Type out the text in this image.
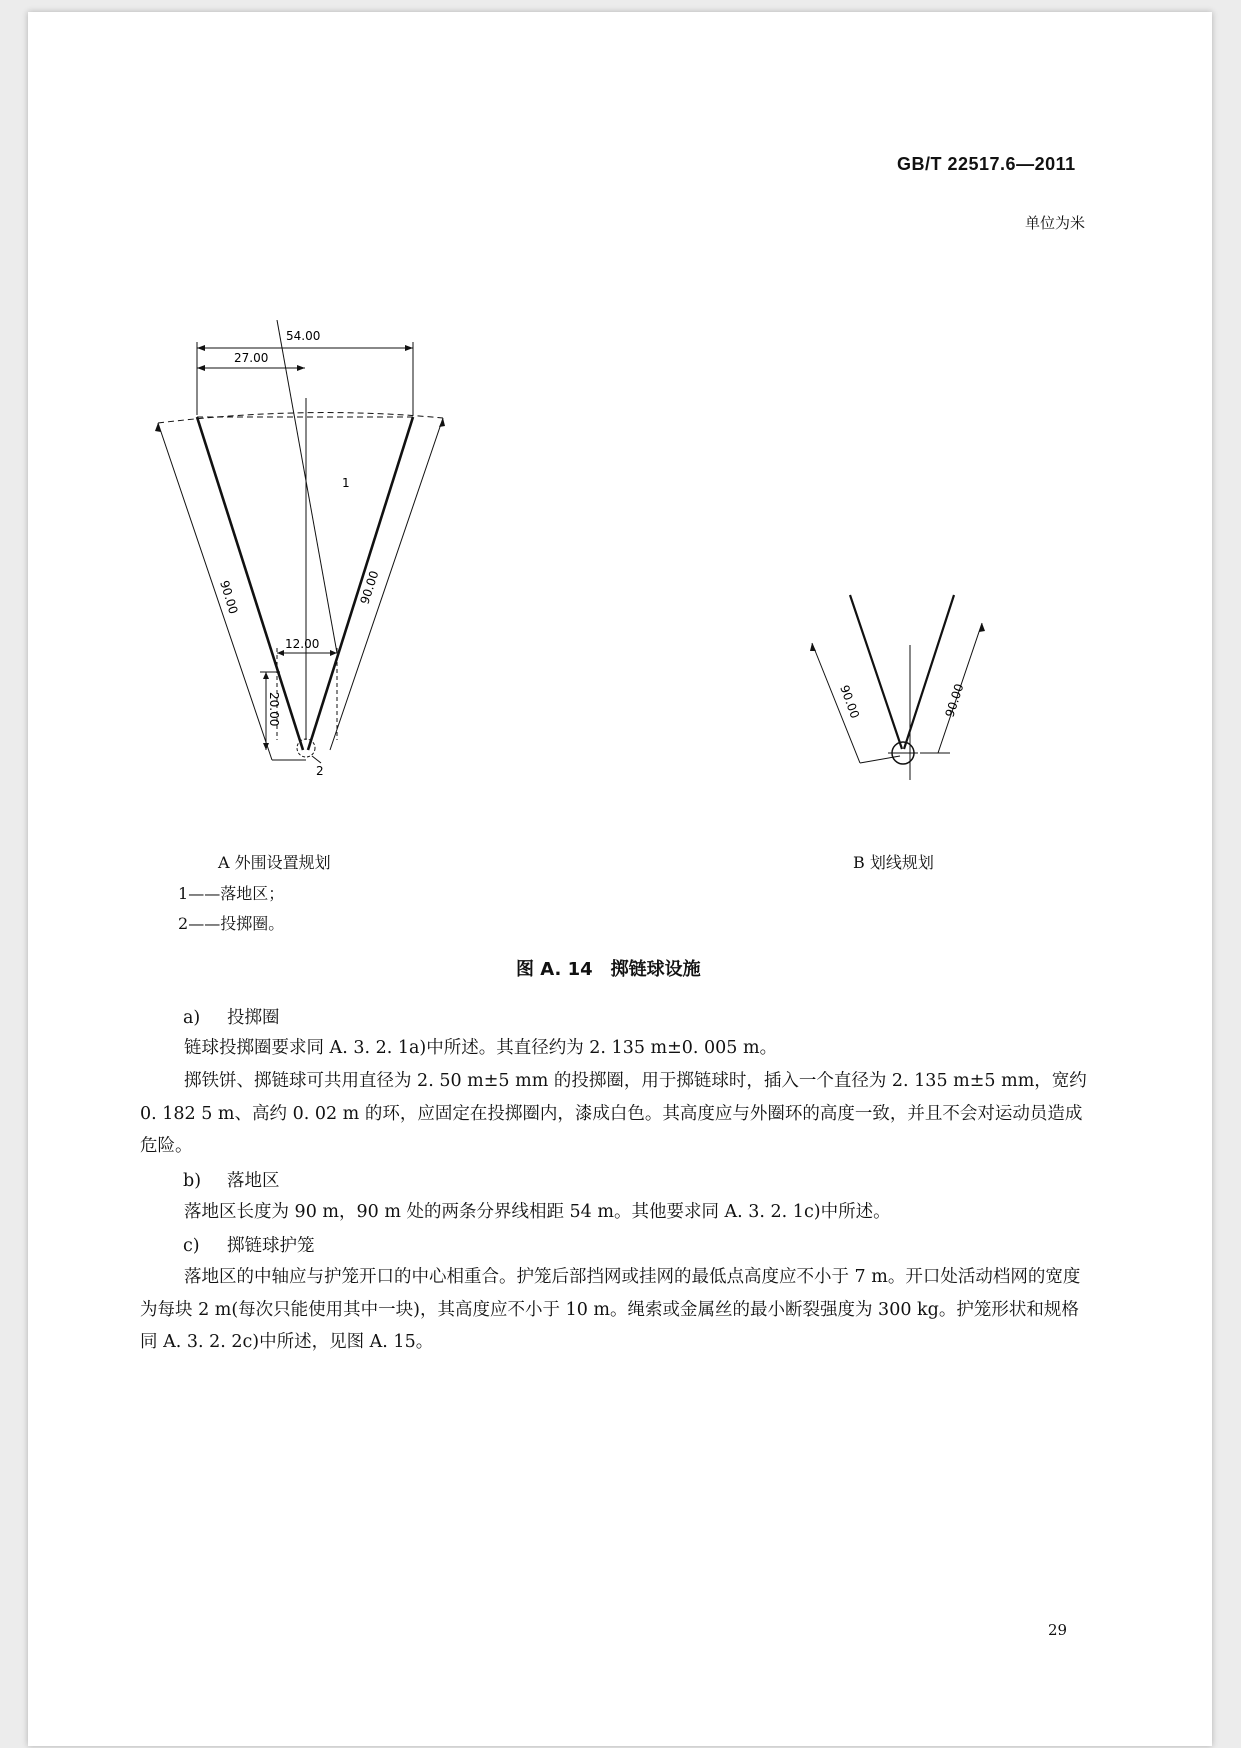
GB/T 22517.6—2011
单位为米
54.00
27.00
1
90.00	90.00
12.00
20.00
2
90.00	90.00
A 外围设置规划
1——落地区；
2——投掷圈。
B 划线规划
图 A. 14　掷链球设施
a) 投掷圈
链球投掷圈要求同 A. 3. 2. 1a)中所述。其直径约为 2. 135 m±0. 005 m。
掷铁饼、掷链球可共用直径为 2. 50 m±5 mm 的投掷圈，用于掷链球时，插入一个直径为 2. 135 m±5 mm，宽约 0. 182 5 m、高约 0. 02 m 的环，应固定在投掷圈内，漆成白色。其高度应与外圈环的高度一致，并且不会对运动员造成危险。
b) 落地区
落地区长度为 90 m，90 m 处的两条分界线相距 54 m。其他要求同 A. 3. 2. 1c)中所述。
c) 掷链球护笼
落地区的中轴应与护笼开口的中心相重合。护笼后部挡网或挂网的最低点高度应不小于 7 m。开口处活动档网的宽度为每块 2 m(每次只能使用其中一块)，其高度应不小于 10 m。绳索或金属丝的最小断裂强度为 300 kg。护笼形状和规格同 A. 3. 2. 2c)中所述，见图 A. 15。
29
